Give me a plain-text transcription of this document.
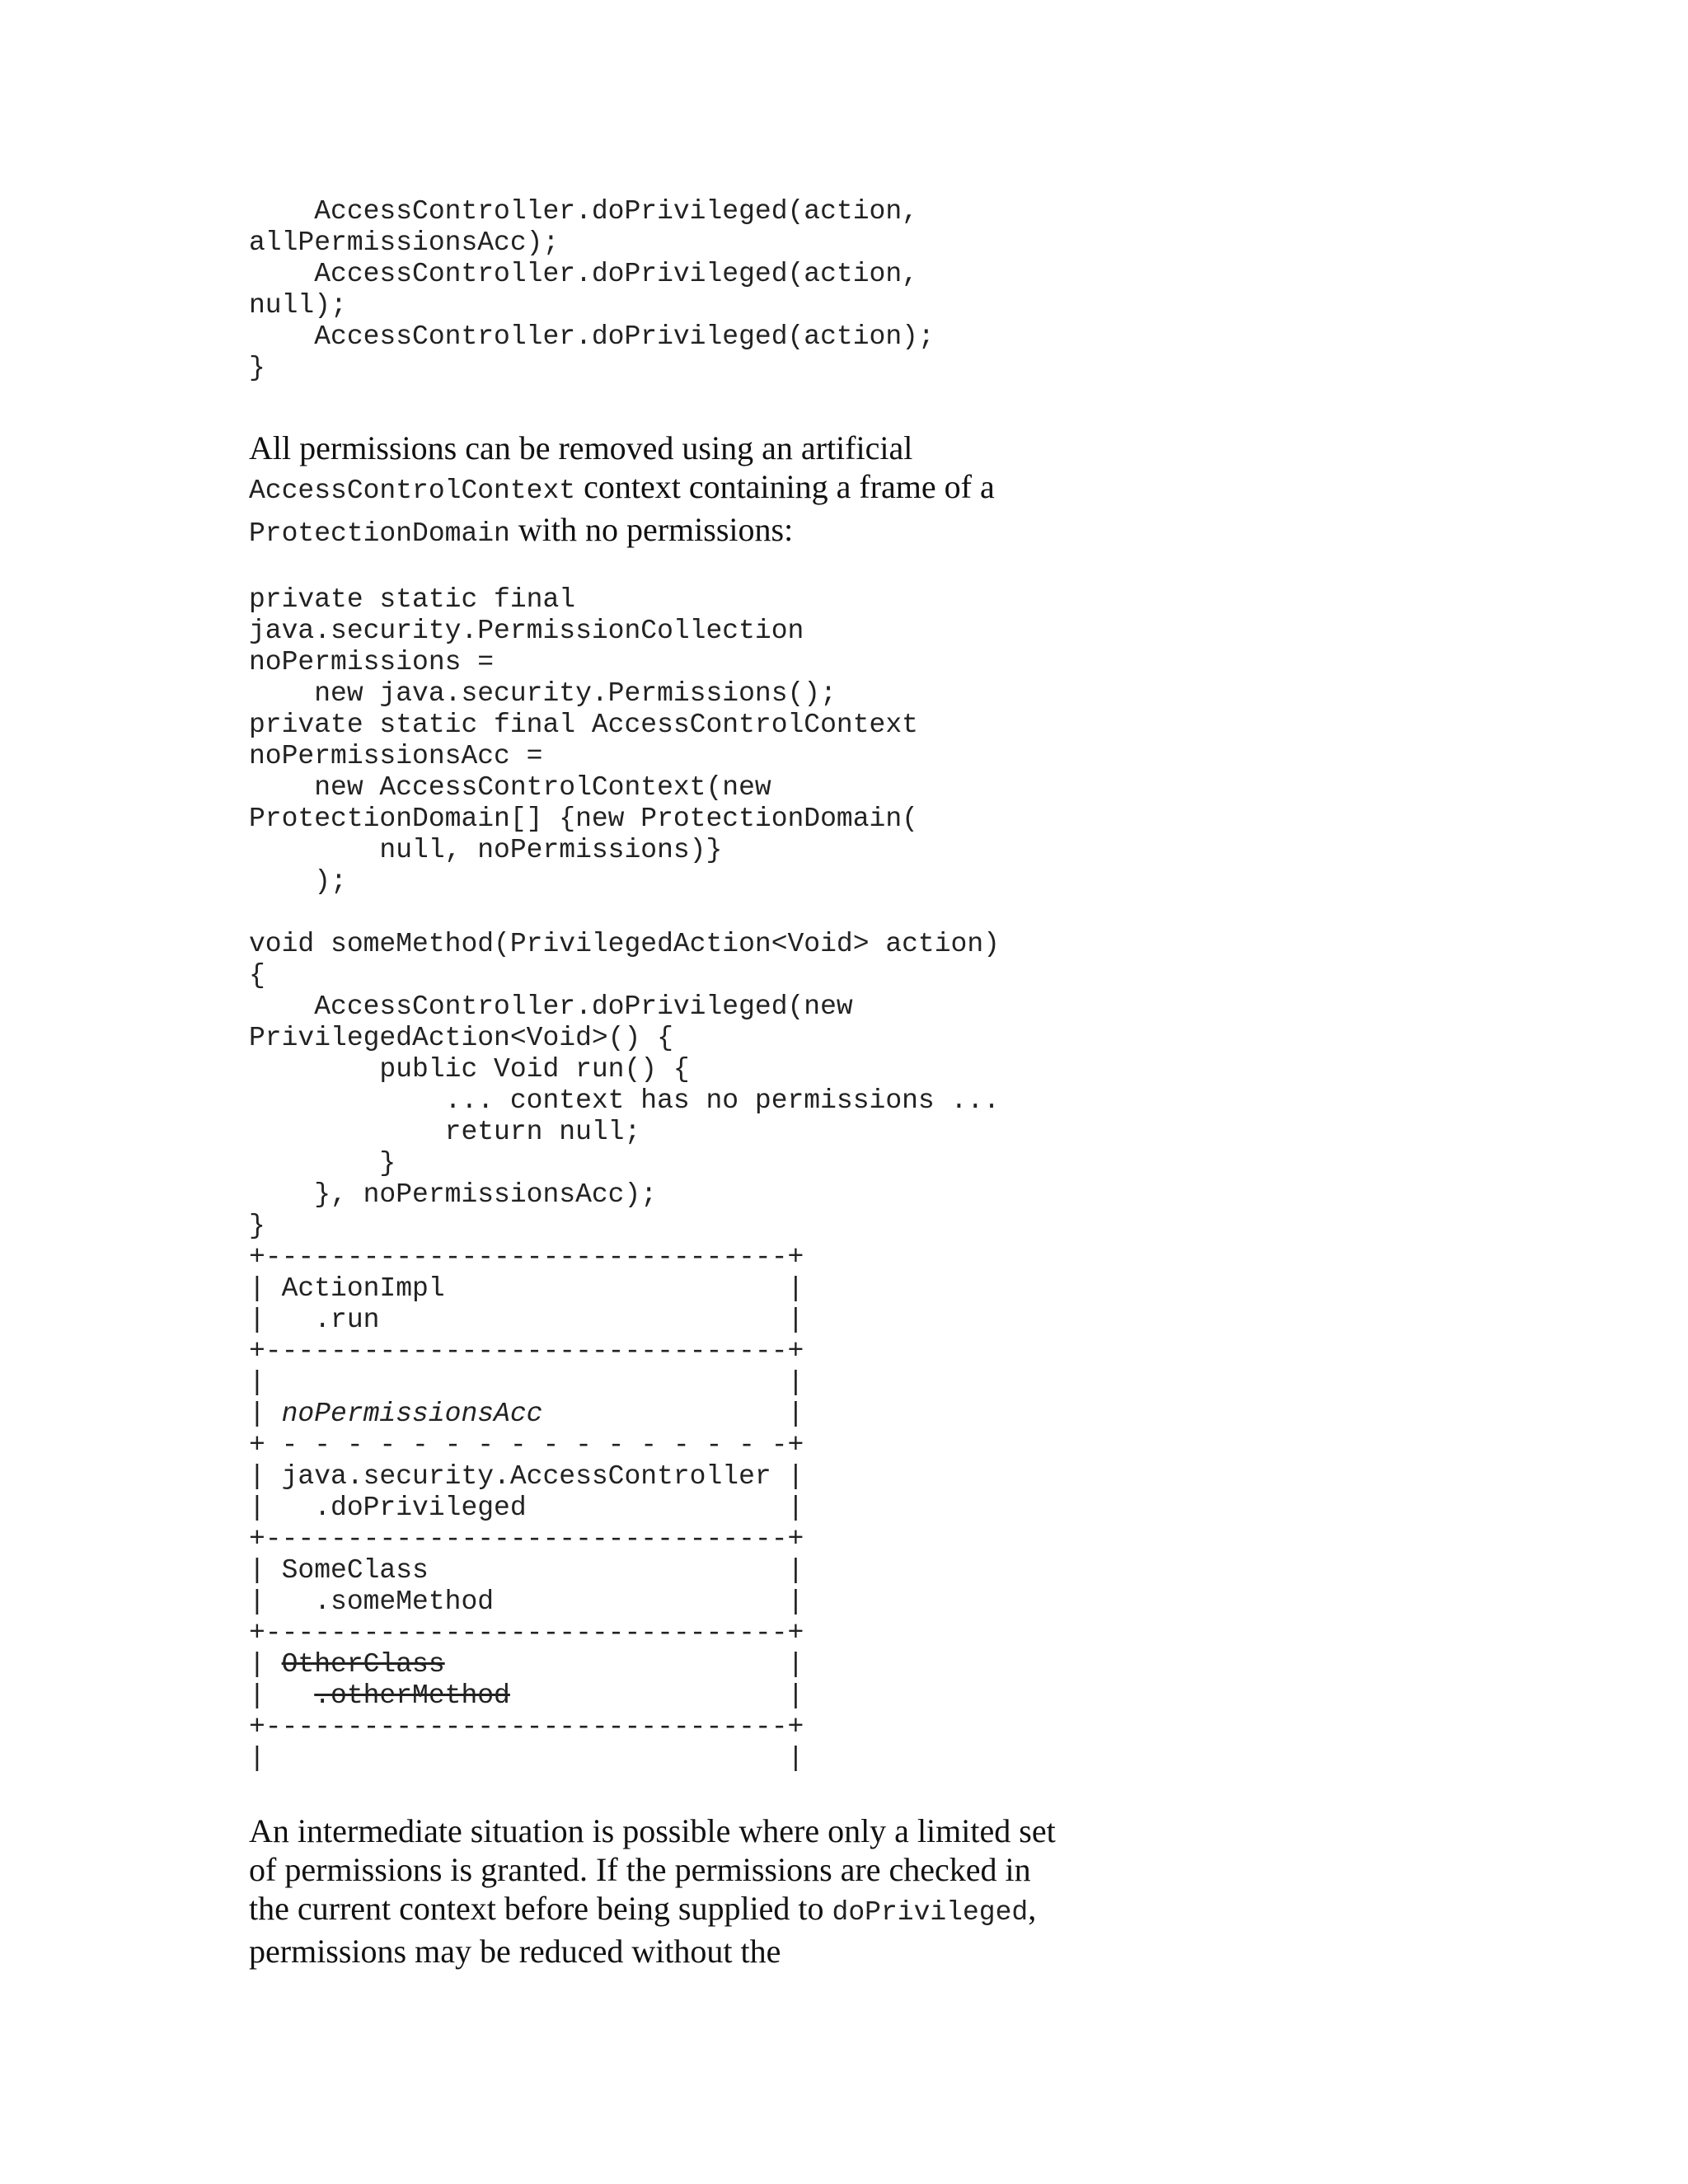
AccessController.doPrivileged(action,
allPermissionsAcc);
AccessController.doPrivileged(action,
null);
AccessController.doPrivileged(action);
}

All permissions can be removed using an artificial
AccessControlContext context containing a frame of a
ProtectionDomain with no permissions:

private static final
java.security.PermissionCollection
noPermissions =
new java.security.Permissions();
private static final AccessControlContext
noPermissionsAcc =
new AccessControlContext(new
ProtectionDomain[] {new ProtectionDomain(
null, noPermissions)}
);
void someMethod(PrivilegedAction<Void> action)
{
AccessController.doPrivileged(new
PrivilegedAction<Void>() {
public Void run() {
... context has no permissions ...
return null;
}
}, noPermissionsAcc);
}
+--------------------------------+
| ActionImpl                     |
|   .run                         |
+--------------------------------+
|                                |
| noPermissionsAcc               |
+ - - - - - - - - - - - - - - - -+
| java.security.AccessController |
|   .doPrivileged                |
+--------------------------------+
| SomeClass                      |
|   .someMethod                  |
+--------------------------------+
| OtherClass                     |
|   .otherMethod                 |
+--------------------------------+
|                                |

An intermediate situation is possible where only a limited set of permissions is granted. If the permissions are checked in the current context before being supplied to doPrivileged, permissions may be reduced without the
